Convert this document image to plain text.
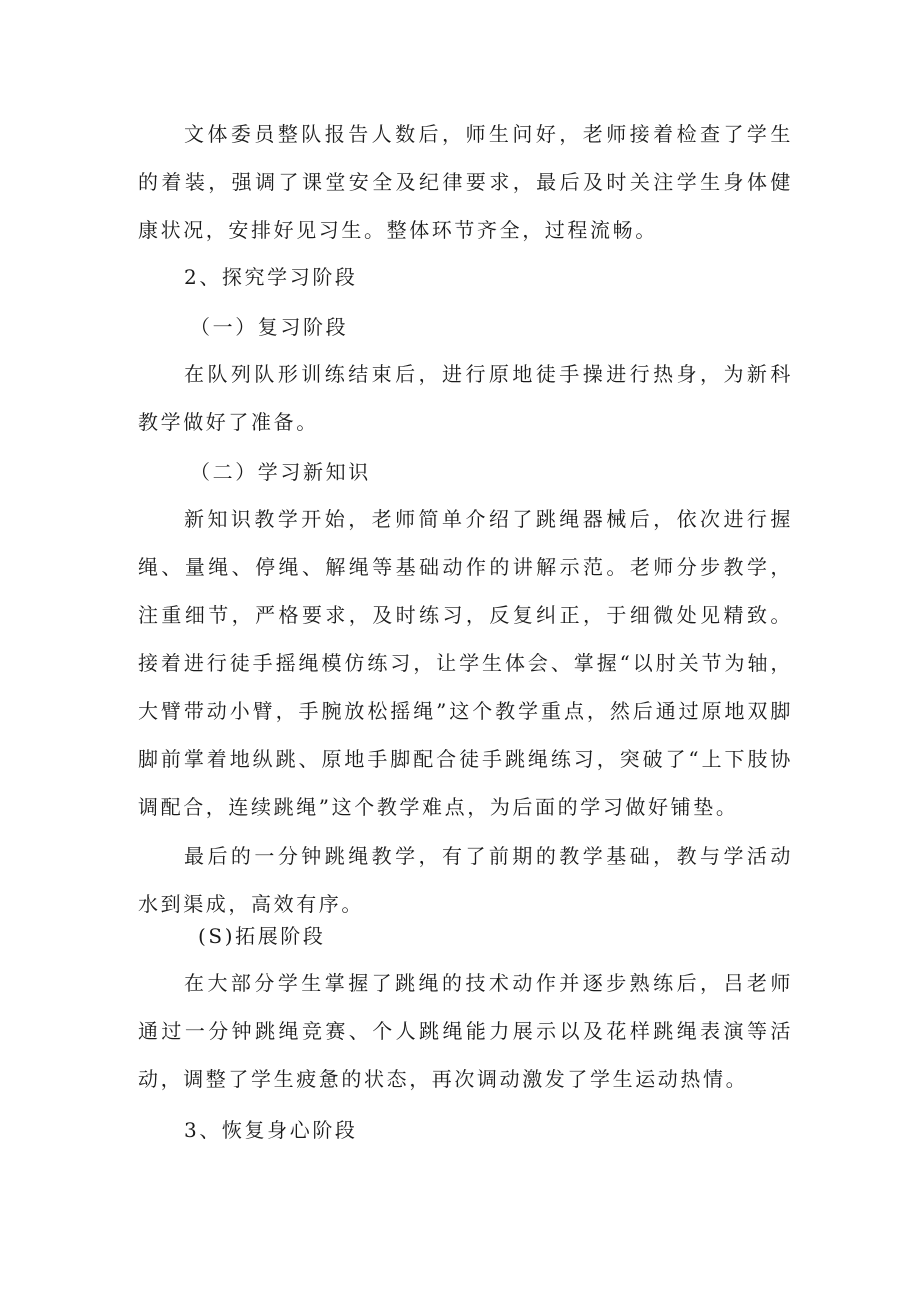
文体委员整队报告人数后，师生问好，老师接着检查了学生的着装，强调了课堂安全及纪律要求，最后及时关注学生身体健康状况，安排好见习生。整体环节齐全，过程流畅。

2、探究学习阶段

（一）复习阶段

在队列队形训练结束后，进行原地徒手操进行热身，为新科教学做好了准备。

（二）学习新知识

新知识教学开始，老师简单介绍了跳绳器械后，依次进行握绳、量绳、停绳、解绳等基础动作的讲解示范。老师分步教学，注重细节，严格要求，及时练习，反复纠正，于细微处见精致。接着进行徒手摇绳模仿练习，让学生体会、掌握“以肘关节为轴，大臂带动小臂，手腕放松摇绳”这个教学重点，然后通过原地双脚脚前掌着地纵跳、原地手脚配合徒手跳绳练习，突破了“上下肢协调配合，连续跳绳”这个教学难点，为后面的学习做好铺垫。

最后的一分钟跳绳教学，有了前期的教学基础，教与学活动水到渠成，高效有序。

(S)拓展阶段

在大部分学生掌握了跳绳的技术动作并逐步熟练后，吕老师通过一分钟跳绳竞赛、个人跳绳能力展示以及花样跳绳表演等活动，调整了学生疲惫的状态，再次调动激发了学生运动热情。

3、恢复身心阶段
